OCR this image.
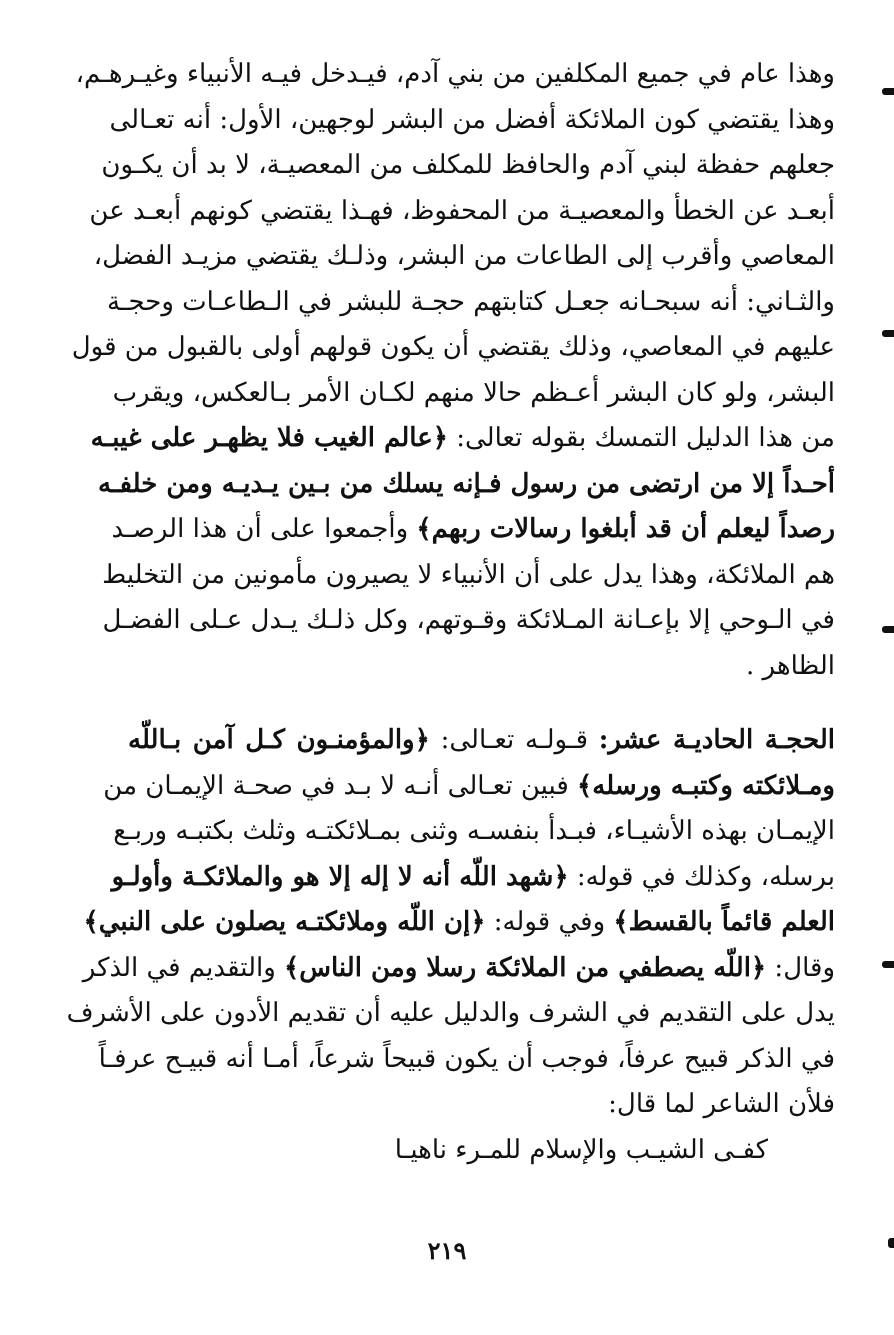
وهذا عام في جميع المكلفين من بني آدم، فيـدخل فيـه الأنبياء وغيـرهـم،
وهذا يقتضي كون الملائكة أفضل من البشر لوجهين، الأول: أنه تعـالى
جعلهم حفظة لبني آدم والحافظ للمكلف من المعصيـة، لا بد أن يكـون
أبعـد عن الخطأ والمعصيـة من المحفوظ، فهـذا يقتضي كونهم أبعـد عن
المعاصي وأقرب إلى الطاعات من البشر، وذلـك يقتضي مزيـد الفضل،
والثـاني: أنه سبحـانه جعـل كتابتهم حجـة للبشر في الـطاعـات وحجـة
عليهم في المعاصي، وذلك يقتضي أن يكون قولهم أولى بالقبول من قول
البشر، ولو كان البشر أعـظم حالا منهم لكـان الأمر بـالعكس، ويقرب
من هذا الدليل التمسك بقوله تعالى: ﴿عالم الغيب فلا يظهـر على غيبـه
أحـداً إلا من ارتضى من رسول فـإنه يسلك من بـين يـديـه ومن خلفـه
رصداً ليعلم أن قد أبلغوا رسالات ربهم﴾ وأجمعوا على أن هذا الرصـد
هم الملائكة، وهذا يدل على أن الأنبياء لا يصيرون مأمونين من التخليط
في الـوحي إلا بإعـانة المـلائكة وقـوتهم، وكل ذلـك يـدل عـلى الفضـل
الظاهر .
الحجـة الحاديـة عشر: قـولـه تعـالى: ﴿والمؤمنـون كـل آمن بـاللّه
ومـلائكته وكتبـه ورسله﴾ فبين تعـالى أنـه لا بـد في صحـة الإيمـان من
الإيمـان بهذه الأشيـاء، فبـدأ بنفسـه وثنى بمـلائكتـه وثلث بكتبـه وربـع
برسله، وكذلك في قوله: ﴿شهد اللّه أنه لا إله إلا هو والملائكـة وأولـو
العلم قائماً بالقسط﴾ وفي قوله: ﴿إن اللّه وملائكتـه يصلون على النبي﴾
وقال: ﴿اللّه يصطفي من الملائكة رسلا ومن الناس﴾ والتقديم في الذكر
يدل على التقديم في الشرف والدليل عليه أن تقديم الأدون على الأشرف
في الذكر قبيح عرفاً، فوجب أن يكون قبيحاً شرعاً، أمـا أنه قبيـح عرفـاً
فلأن الشاعر لما قال:
كفـى الشيـب والإسلام للمـرء ناهيـا
٢١٩
